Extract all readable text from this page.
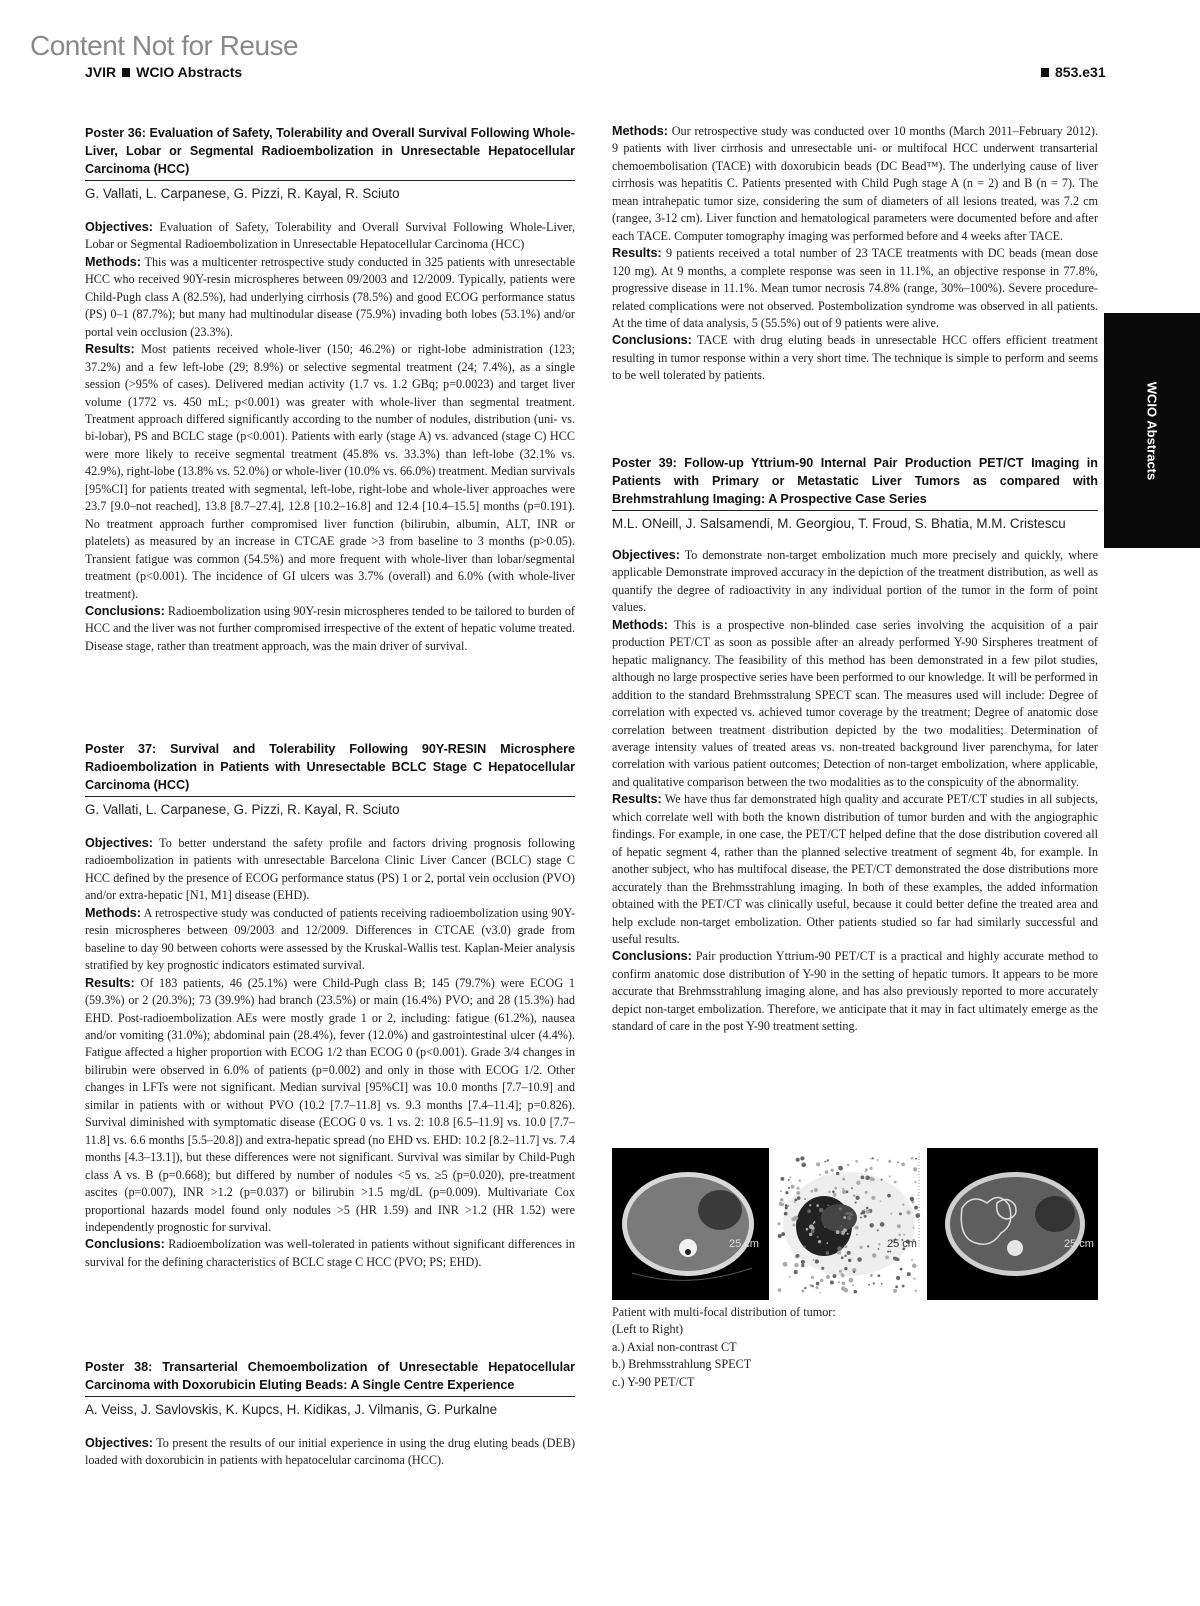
Content Not for Reuse
JVIR WCIO Abstracts	853.e31
WCIO Abstracts
Poster 36: Evaluation of Safety, Tolerability and Overall Survival Following Whole-Liver, Lobar or Segmental Radioembolization in Unresectable Hepatocellular Carcinoma (HCC)
G. Vallati, L. Carpanese, G. Pizzi, R. Kayal, R. Sciuto

Objectives: Evaluation of Safety, Tolerability and Overall Survival Following Whole-Liver, Lobar or Segmental Radioembolization in Unresectable Hepatocellular Carcinoma (HCC)

Methods: This was a multicenter retrospective study conducted in 325 patients with unresectable HCC who received 90Y-resin microspheres between 09/2003 and 12/2009. Typically, patients were Child-Pugh class A (82.5%), had underlying cirrhosis (78.5%) and good ECOG performance status (PS) 0–1 (87.7%); but many had multinodular disease (75.9%) invading both lobes (53.1%) and/or portal vein occlusion (23.3%).

Results: Most patients received whole-liver (150; 46.2%) or right-lobe administration (123; 37.2%) and a few left-lobe (29; 8.9%) or selective segmental treatment (24; 7.4%), as a single session (>95% of cases). Delivered median activity (1.7 vs. 1.2 GBq; p=0.0023) and target liver volume (1772 vs. 450 mL; p<0.001) was greater with whole-liver than segmental treatment. Treatment approach differed significantly according to the number of nodules, distribution (uni- vs. bi-lobar), PS and BCLC stage (p<0.001). Patients with early (stage A) vs. advanced (stage C) HCC were more likely to receive segmental treatment (45.8% vs. 33.3%) than left-lobe (32.1% vs. 42.9%), right-lobe (13.8% vs. 52.0%) or whole-liver (10.0% vs. 66.0%) treatment. Median survivals [95%CI] for patients treated with segmental, left-lobe, right-lobe and whole-liver approaches were 23.7 [9.0–not reached], 13.8 [8.7–27.4], 12.8 [10.2–16.8] and 12.4 [10.4–15.5] months (p=0.191). No treatment approach further compromised liver function (bilirubin, albumin, ALT, INR or platelets) as measured by an increase in CTCAE grade >3 from baseline to 3 months (p>0.05). Transient fatigue was common (54.5%) and more frequent with whole-liver than lobar/segmental treatment (p<0.001). The incidence of GI ulcers was 3.7% (overall) and 6.0% (with whole-liver treatment).

Conclusions: Radioembolization using 90Y-resin microspheres tended to be tailored to burden of HCC and the liver was not further compromised irrespective of the extent of hepatic volume treated. Disease stage, rather than treatment approach, was the main driver of survival.

Poster 37: Survival and Tolerability Following 90Y-RESIN Microsphere Radioembolization in Patients with Unresectable BCLC Stage C Hepatocellular Carcinoma (HCC)
G. Vallati, L. Carpanese, G. Pizzi, R. Kayal, R. Sciuto

Objectives: To better understand the safety profile and factors driving prognosis following radioembolization in patients with unresectable Barcelona Clinic Liver Cancer (BCLC) stage C HCC defined by the presence of ECOG performance status (PS) 1 or 2, portal vein occlusion (PVO) and/or extra-hepatic [N1, M1] disease (EHD).

Methods: A retrospective study was conducted of patients receiving radioembolization using 90Y-resin microspheres between 09/2003 and 12/2009. Differences in CTCAE (v3.0) grade from baseline to day 90 between cohorts were assessed by the Kruskal-Wallis test. Kaplan-Meier analysis stratified by key prognostic indicators estimated survival.

Results: Of 183 patients, 46 (25.1%) were Child-Pugh class B; 145 (79.7%) were ECOG 1 (59.3%) or 2 (20.3%); 73 (39.9%) had branch (23.5%) or main (16.4%) PVO; and 28 (15.3%) had EHD. Post-radioembolization AEs were mostly grade 1 or 2, including: fatigue (61.2%), nausea and/or vomiting (31.0%); abdominal pain (28.4%), fever (12.0%) and gastrointestinal ulcer (4.4%). Fatigue affected a higher proportion with ECOG 1/2 than ECOG 0 (p<0.001). Grade 3/4 changes in bilirubin were observed in 6.0% of patients (p=0.002) and only in those with ECOG 1/2. Other changes in LFTs were not significant. Median survival [95%CI] was 10.0 months [7.7–10.9] and similar in patients with or without PVO (10.2 [7.7–11.8] vs. 9.3 months [7.4–11.4]; p=0.826). Survival diminished with symptomatic disease (ECOG 0 vs. 1 vs. 2: 10.8 [6.5–11.9] vs. 10.0 [7.7–11.8] vs. 6.6 months [5.5–20.8]) and extra-hepatic spread (no EHD vs. EHD: 10.2 [8.2–11.7] vs. 7.4 months [4.3–13.1]), but these differences were not significant. Survival was similar by Child-Pugh class A vs. B (p=0.668); but differed by number of nodules <5 vs. ≥5 (p=0.020), pre-treatment ascites (p=0.007), INR >1.2 (p=0.037) or bilirubin >1.5 mg/dL (p=0.009). Multivariate Cox proportional hazards model found only nodules >5 (HR 1.59) and INR >1.2 (HR 1.52) were independently prognostic for survival.

Conclusions: Radioembolization was well-tolerated in patients without significant differences in survival for the defining characteristics of BCLC stage C HCC (PVO; PS; EHD).

Poster 38: Transarterial Chemoembolization of Unresectable Hepatocellular Carcinoma with Doxorubicin Eluting Beads: A Single Centre Experience
A. Veiss, J. Savlovskis, K. Kupcs, H. Kidikas, J. Vilmanis, G. Purkalne

Objectives: To present the results of our initial experience in using the drug eluting beads (DEB) loaded with doxorubicin in patients with hepatocelular carcinoma (HCC).

Methods: Our retrospective study was conducted over 10 months (March 2011–February 2012). 9 patients with liver cirrhosis and unresectable uni- or multifocal HCC underwent transarterial chemoembolisation (TACE) with doxorubicin beads (DC Bead™). The underlying cause of liver cirrhosis was hepatitis C. Patients presented with Child Pugh stage A (n = 2) and B (n = 7). The mean intrahepatic tumor size, considering the sum of diameters of all lesions treated, was 7.2 cm (rangee, 3-12 cm). Liver function and hematological parameters were documented before and after each TACE. Computer tomography imaging was performed before and 4 weeks after TACE.

Results: 9 patients received a total number of 23 TACE treatments with DC beads (mean dose 120 mg). At 9 months, a complete response was seen in 11.1%, an objective response in 77.8%, progressive disease in 11.1%. Mean tumor necrosis 74.8% (range, 30%–100%). Severe procedure-related complications were not observed. Postembolization syndrome was observed in all patients. At the time of data analysis, 5 (55.5%) out of 9 patients were alive.

Conclusions: TACE with drug eluting beads in unresectable HCC offers efficient treatment resulting in tumor response within a very short time. The technique is simple to perform and seems to be well tolerated by patients.

Poster 39: Follow-up Yttrium-90 Internal Pair Production PET/CT Imaging in Patients with Primary or Metastatic Liver Tumors as compared with Brehmstrahlung Imaging: A Prospective Case Series
M.L. ONeill, J. Salsamendi, M. Georgiou, T. Froud, S. Bhatia, M.M. Cristescu

Objectives: To demonstrate non-target embolization much more precisely and quickly, where applicable Demonstrate improved accuracy in the depiction of the treatment distribution, as well as quantify the degree of radioactivity in any individual portion of the tumor in the form of point values.

Methods: This is a prospective non-blinded case series involving the acquisition of a pair production PET/CT as soon as possible after an already performed Y-90 Sirspheres treatment of hepatic malignancy. The feasibility of this method has been demonstrated in a few pilot studies, although no large prospective series have been performed to our knowledge. It will be performed in addition to the standard Brehmsstralung SPECT scan. The measures used will include: Degree of correlation with expected vs. achieved tumor coverage by the treatment; Degree of anatomic dose correlation between treatment distribution depicted by the two modalities; Determination of average intensity values of treated areas vs. non-treated background liver parenchyma, for later correlation with various patient outcomes; Detection of non-target embolization, where applicable, and qualitative comparison between the two modalities as to the conspicuity of the abnormality.

Results: We have thus far demonstrated high quality and accurate PET/CT studies in all subjects, which correlate well with both the known distribution of tumor burden and with the angiographic findings. For example, in one case, the PET/CT helped define that the dose distribution covered all of hepatic segment 4, rather than the planned selective treatment of segment 4b, for example. In another subject, who has multifocal disease, the PET/CT demonstrated the dose distributions more accurately than the Brehmsstrahlung imaging. In both of these examples, the added information obtained with the PET/CT was clinically useful, because it could better define the treated area and help exclude non-target embolization. Other patients studied so far had similarly successful and useful results.

Conclusions: Pair production Yttrium-90 PET/CT is a practical and highly accurate method to confirm anatomic dose distribution of Y-90 in the setting of hepatic tumors. It appears to be more accurate that Brehmsstrahlung imaging alone, and has also previously reported to more accurately depict non-target embolization. Therefore, we anticipate that it may in fact ultimately emerge as the standard of care in the post Y-90 treatment setting.

25 cm	25 cm	25 cm
Patient with multi-focal distribution of tumor:
(Left to Right)
a.) Axial non-contrast CT
b.) Brehmsstrahlung SPECT
c.) Y-90 PET/CT
